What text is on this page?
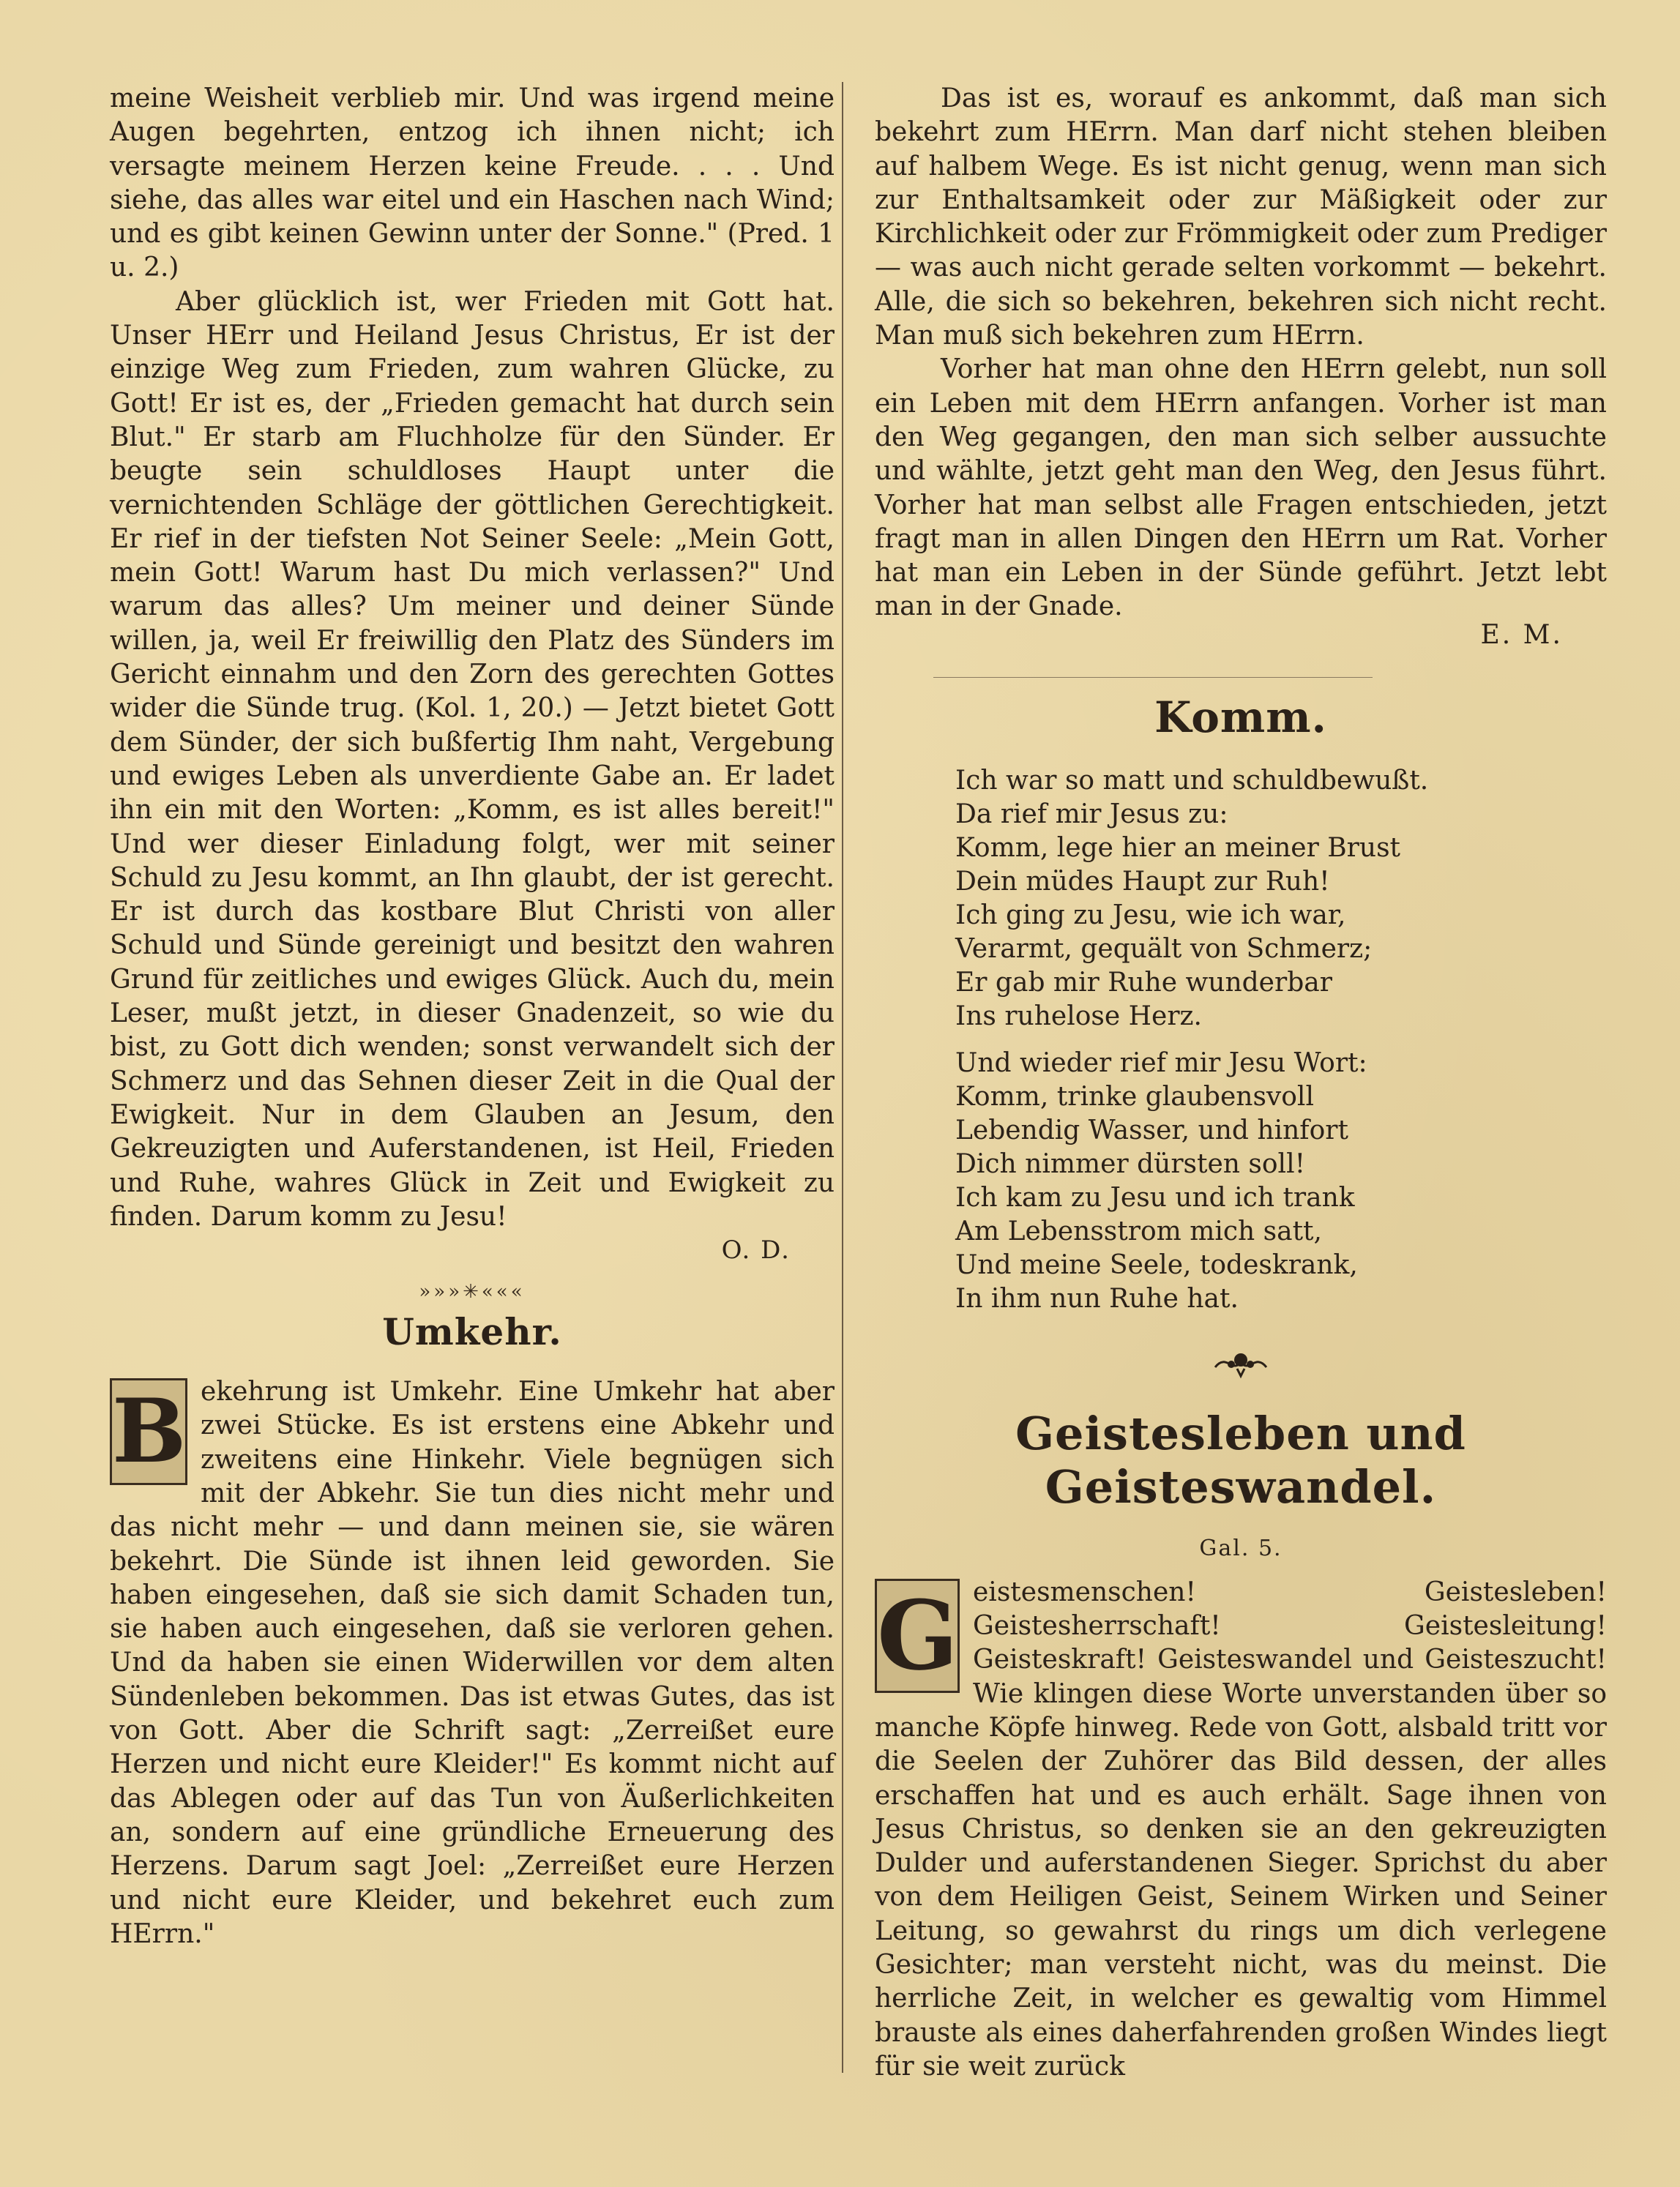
meine Weisheit verblieb mir. Und was irgend meine Augen begehrten, entzog ich ihnen nicht; ich versagte meinem Herzen keine Freude. . . . Und siehe, das alles war eitel und ein Haschen nach Wind; und es gibt keinen Gewinn unter der Sonne." (Pred. 1 u. 2.)

Aber glücklich ist, wer Frieden mit Gott hat. Unser HErr und Heiland Jesus Christus, Er ist der einzige Weg zum Frieden, zum wahren Glücke, zu Gott! Er ist es, der „Frieden gemacht hat durch sein Blut." Er starb am Fluchholze für den Sünder. Er beugte sein schuldloses Haupt unter die vernichtenden Schläge der göttlichen Gerechtigkeit. Er rief in der tiefsten Not Seiner Seele: „Mein Gott, mein Gott! Warum hast Du mich verlassen?" Und warum das alles? Um meiner und deiner Sünde willen, ja, weil Er freiwillig den Platz des Sünders im Gericht einnahm und den Zorn des gerechten Gottes wider die Sünde trug. (Kol. 1, 20.) — Jetzt bietet Gott dem Sünder, der sich bußfertig Ihm naht, Vergebung und ewiges Leben als unverdiente Gabe an. Er ladet ihn ein mit den Worten: „Komm, es ist alles bereit!" Und wer dieser Einladung folgt, wer mit seiner Schuld zu Jesu kommt, an Ihn glaubt, der ist gerecht. Er ist durch das kostbare Blut Christi von aller Schuld und Sünde gereinigt und besitzt den wahren Grund für zeitliches und ewiges Glück. Auch du, mein Leser, mußt jetzt, in dieser Gnadenzeit, so wie du bist, zu Gott dich wenden; sonst verwandelt sich der Schmerz und das Sehnen dieser Zeit in die Qual der Ewigkeit. Nur in dem Glauben an Jesum, den Gekreuzigten und Auferstandenen, ist Heil, Frieden und Ruhe, wahres Glück in Zeit und Ewigkeit zu finden. Darum komm zu Jesu!

O. D.

»»»✳«««
Umkehr.
B ekehrung ist Umkehr. Eine Umkehr hat aber zwei Stücke. Es ist erstens eine Abkehr und zweitens eine Hinkehr. Viele begnügen sich mit der Abkehr. Sie tun dies nicht mehr und das nicht mehr — und dann meinen sie, sie wären bekehrt. Die Sünde ist ihnen leid geworden. Sie haben eingesehen, daß sie sich damit Schaden tun, sie haben auch eingesehen, daß sie verloren gehen. Und da haben sie einen Widerwillen vor dem alten Sündenleben bekommen. Das ist etwas Gutes, das ist von Gott. Aber die Schrift sagt: „Zerreißet eure Herzen und nicht eure Kleider!" Es kommt nicht auf das Ablegen oder auf das Tun von Äußerlichkeiten an, sondern auf eine gründliche Erneuerung des Herzens. Darum sagt Joel: „Zerreißet eure Herzen und nicht eure Kleider, und bekehret euch zum HErrn."

Das ist es, worauf es ankommt, daß man sich bekehrt zum HErrn. Man darf nicht stehen bleiben auf halbem Wege. Es ist nicht genug, wenn man sich zur Enthaltsamkeit oder zur Mäßigkeit oder zur Kirchlichkeit oder zur Frömmigkeit oder zum Prediger — was auch nicht gerade selten vorkommt — bekehrt. Alle, die sich so bekehren, bekehren sich nicht recht. Man muß sich bekehren zum HErrn.

Vorher hat man ohne den HErrn gelebt, nun soll ein Leben mit dem HErrn anfangen. Vorher ist man den Weg gegangen, den man sich selber aussuchte und wählte, jetzt geht man den Weg, den Jesus führt. Vorher hat man selbst alle Fragen entschieden, jetzt fragt man in allen Dingen den HErrn um Rat. Vorher hat man ein Leben in der Sünde geführt. Jetzt lebt man in der Gnade.

E. M.

Komm.
Ich war so matt und schuldbewußt.
Da rief mir Jesus zu:
Komm, lege hier an meiner Brust
Dein müdes Haupt zur Ruh!
Ich ging zu Jesu, wie ich war,
Verarmt, gequält von Schmerz;
Er gab mir Ruhe wunderbar
Ins ruhelose Herz.
Und wieder rief mir Jesu Wort:
Komm, trinke glaubensvoll
Lebendig Wasser, und hinfort
Dich nimmer dürsten soll!
Ich kam zu Jesu und ich trank
Am Lebensstrom mich satt,
Und meine Seele, todeskrank,
In ihm nun Ruhe hat.
Geistesleben und Geisteswandel.
Gal. 5.
G eistesmenschen! Geistesleben! Geistesherrschaft! Geistesleitung! Geisteskraft! Geisteswandel und Geisteszucht! Wie klingen diese Worte unverstanden über so manche Köpfe hinweg. Rede von Gott, alsbald tritt vor die Seelen der Zuhörer das Bild dessen, der alles erschaffen hat und es auch erhält. Sage ihnen von Jesus Christus, so denken sie an den gekreuzigten Dulder und auferstandenen Sieger. Sprichst du aber von dem Heiligen Geist, Seinem Wirken und Seiner Leitung, so gewahrst du rings um dich verlegene Gesichter; man versteht nicht, was du meinst. Die herrliche Zeit, in welcher es gewaltig vom Himmel brauste als eines daherfahrenden großen Windes liegt für sie weit zurück
